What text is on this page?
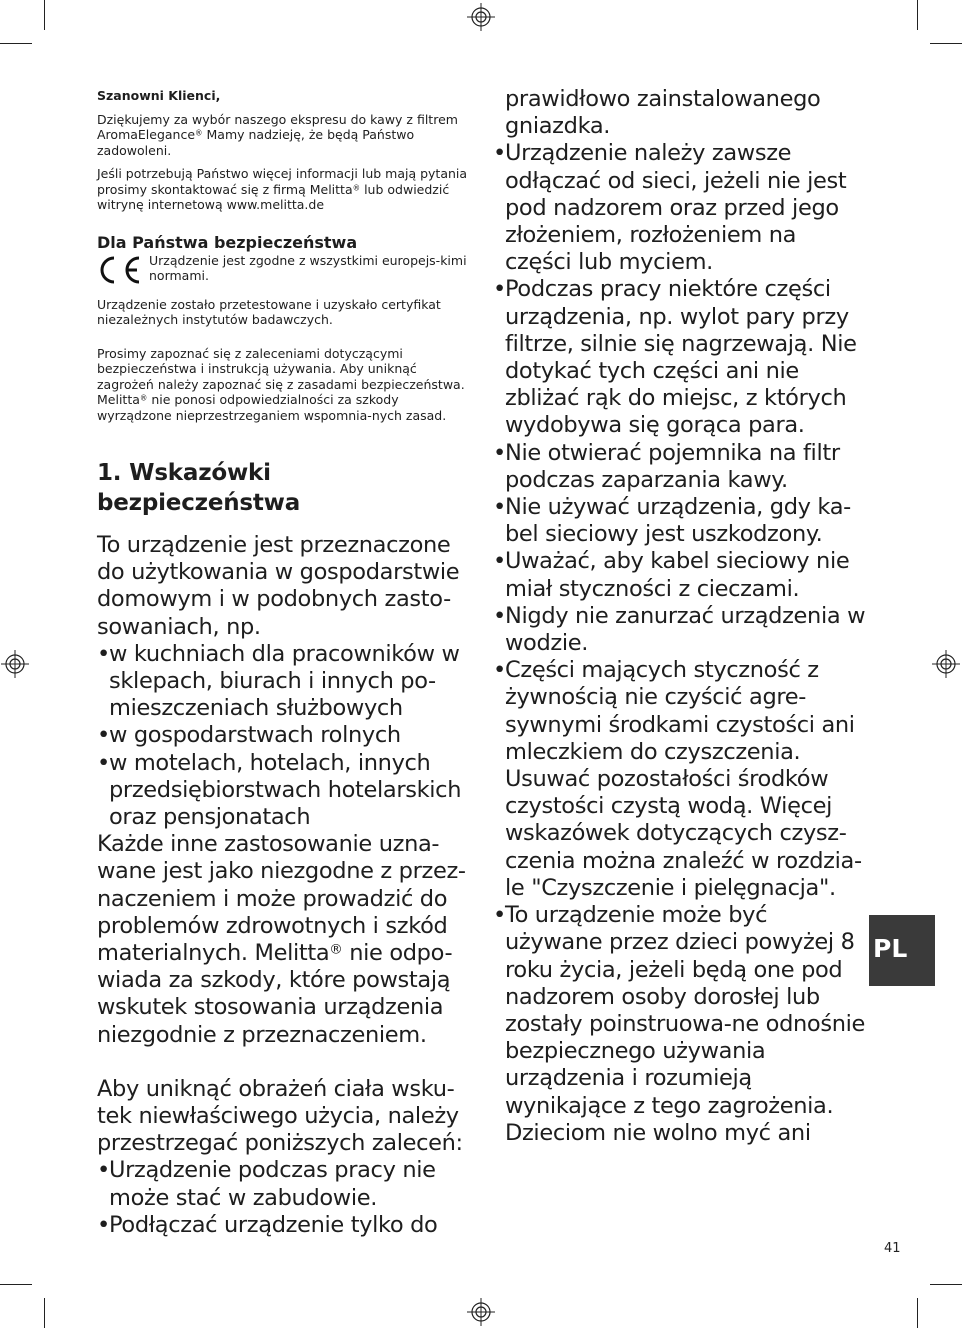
Szanowni Klienci,

Dziękujemy za wybór naszego ekspresu do kawy z filtrem AromaElegance® Mamy nadzieję, że będą Państwo zadowoleni.

Jeśli potrzebują Państwo więcej informacji lub mają pytania prosimy skontaktować się z firmą Melitta® lub odwiedzić witrynę internetową www.melitta.de

Dla Państwa bezpieczeństwa

Urządzenie jest zgodne z wszystkimi europejs-kimi normami.

Urządzenie zostało przetestowane i uzyskało certyfikat niezależnych instytutów badawczych.

Prosimy zapoznać się z zaleceniami dotyczącymi bezpieczeństwa i instrukcją używania. Aby uniknąć zagrożeń należy zapoznać się z zasadami bezpieczeństwa. Melitta® nie ponosi odpowiedzialności za szkody wyrządzone nieprzestrzeganiem wspomnia-nych zasad.

1. Wskazówki bezpieczeństwa

To urządzenie jest przeznaczone do użytkowania w gospodarstwie domowym i w podobnych zasto-sowaniach, np.

• w kuchniach dla pracowników w sklepach, biurach i innych po-mieszczeniach służbowych

• w gospodarstwach rolnych

• w motelach, hotelach, innych przedsiębiorstwach hotelarskich oraz pensjonatach

Każde inne zastosowanie uzna-wane jest jako niezgodne z przez-naczeniem i może prowadzić do problemów zdrowotnych i szkód materialnych. Melitta® nie odpo-wiada za szkody, które powstają wskutek stosowania urządzenia niezgodnie z przeznaczeniem.

Aby uniknąć obrażeń ciała wsku-tek niewłaściwego użycia, należy przestrzegać poniższych zaleceń:

• Urządzenie podczas pracy nie może stać w zabudowie.

• Podłączać urządzenie tylko do

prawidłowo zainstalowanego gniazdka.

• Urządzenie należy zawsze odłączać od sieci, jeżeli nie jest pod nadzorem oraz przed jego złożeniem, rozłożeniem na części lub myciem.

• Podczas pracy niektóre części urządzenia, np. wylot pary przy filtrze, silnie się nagrzewają. Nie dotykać tych części ani nie zbliżać rąk do miejsc, z których wydobywa się gorąca para.

• Nie otwierać pojemnika na filtr podczas zaparzania kawy.

• Nie używać urządzenia, gdy ka-bel sieciowy jest uszkodzony.

• Uważać, aby kabel sieciowy nie miał styczności z cieczami.

• Nigdy nie zanurzać urządzenia w wodzie.

• Części mających styczność z żywnością nie czyścić agre-sywnymi środkami czystości ani mleczkiem do czyszczenia. Usuwać pozostałości środków czystości czystą wodą. Więcej wskazówek dotyczących czysz-czenia można znaleźć w rozdzia-le "Czyszczenie i pielęgnacja".

• To urządzenie może być używane przez dzieci powyżej 8 roku życia, jeżeli będą one pod nadzorem osoby dorosłej lub zostały poinstruowa-ne odnośnie bezpiecznego używania urządzenia i rozumieją wynikające z tego zagrożenia. Dzieciom nie wolno myć ani

PL
41
